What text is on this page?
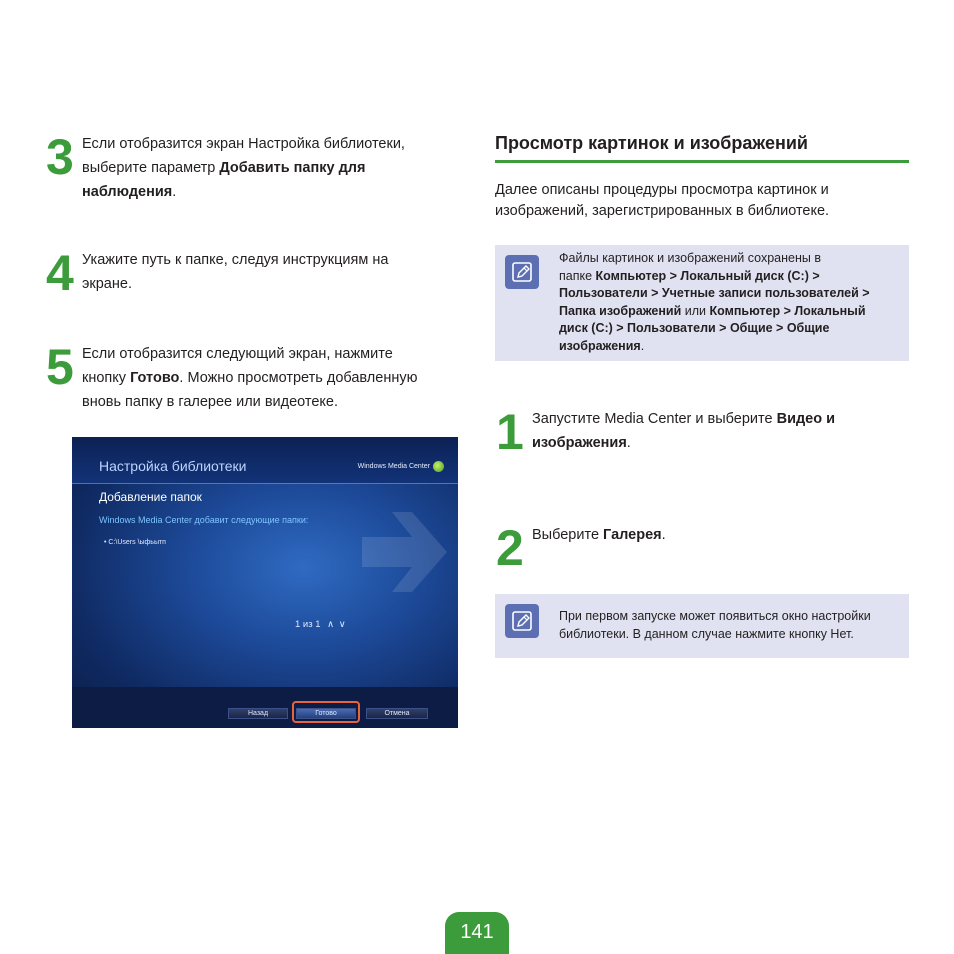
3 Если отобразится экран Настройка библиотеки,
выберите параметр Добавить папку для
наблюдения.
4 Укажите путь к папке, следуя инструкциям на
экране.
5 Если отобразится следующий экран, нажмите
кнопку Готово. Можно просмотреть добавленную
вновь папку в галерее или видеотеке.
Настройка библиотеки	Windows Media Center
Добавление папок
Windows Media Center добавит следующие папки:
• C:\Users \ыфьытп
1 из 1 ∧ ∨
Назад	Готово	Отмена
Просмотр картинок и изображений
Далее описаны процедуры просмотра картинок и
изображений, зарегистрированных в библиотеке.
Файлы картинок и изображений сохранены в
папке Компьютер > Локальный диск (C:) >
Пользователи > Учетные записи пользователей >
Папка изображений или Компьютер > Локальный
диск (C:) > Пользователи > Общие > Общие
изображения.
1 Запустите Media Center и выберите Видео и
изображения.
2 Выберите Галерея.
При первом запуске может появиться окно настройки
библиотеки. В данном случае нажмите кнопку Нет.
141
